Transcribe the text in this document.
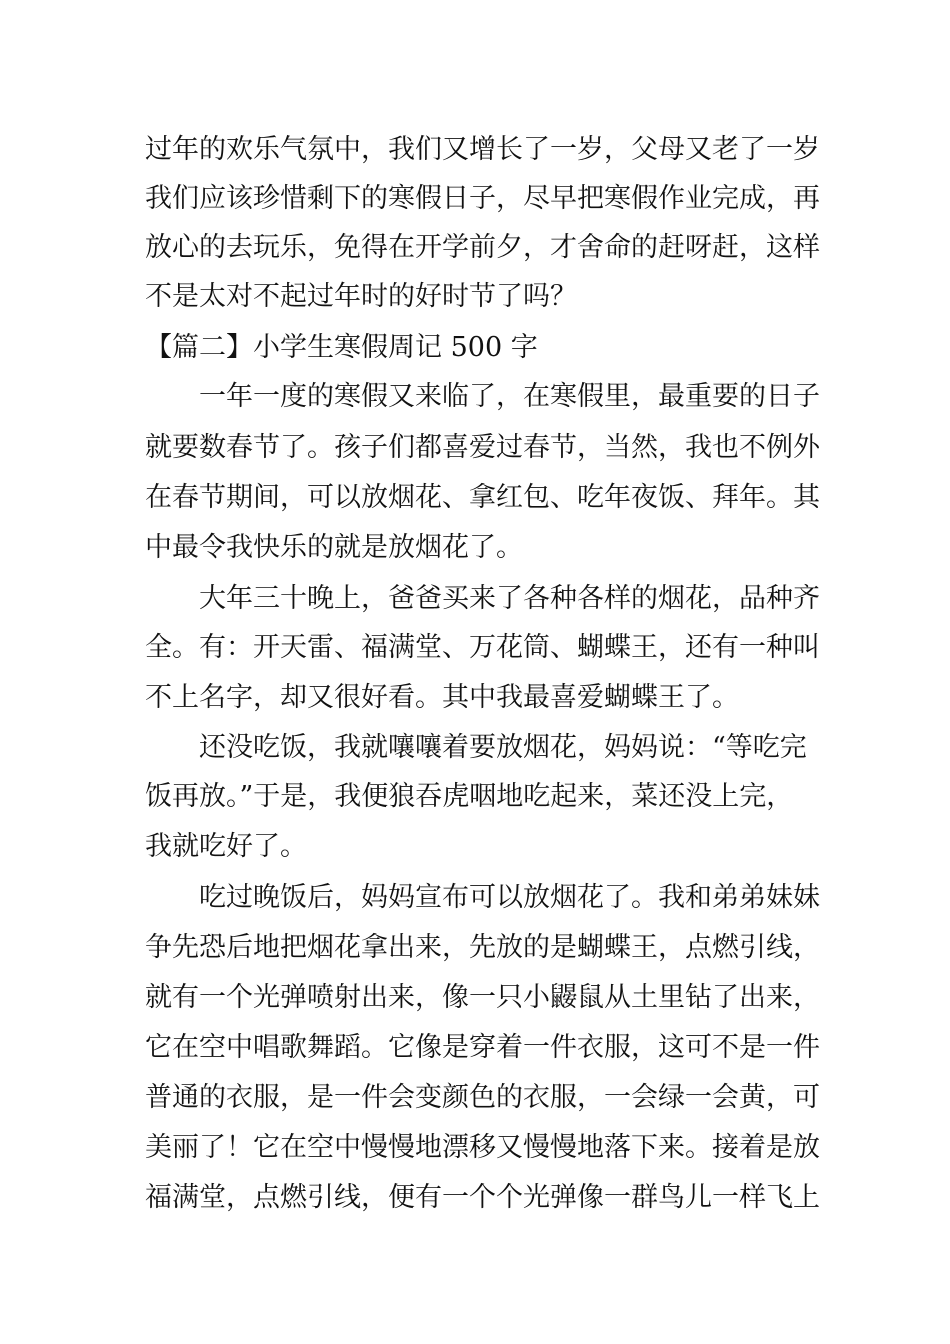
过年的欢乐气氛中，我们又增长了一岁，父母又老了一岁
我们应该珍惜剩下的寒假日子，尽早把寒假作业完成，再
放心的去玩乐，免得在开学前夕，才舍命的赶呀赶，这样
不是太对不起过年时的好时节了吗？
【篇二】小学生寒假周记 500 字
一年一度的寒假又来临了，在寒假里，最重要的日子
就要数春节了。孩子们都喜爱过春节，当然，我也不例外
在春节期间，可以放烟花、拿红包、吃年夜饭、拜年。其
中最令我快乐的就是放烟花了。
大年三十晚上，爸爸买来了各种各样的烟花，品种齐
全。有：开天雷、福满堂、万花筒、蝴蝶王，还有一种叫
不上名字，却又很好看。其中我最喜爱蝴蝶王了。
还没吃饭，我就嚷嚷着要放烟花，妈妈说：“等吃完
饭再放。”于是，我便狼吞虎咽地吃起来，菜还没上完，
我就吃好了。
吃过晚饭后，妈妈宣布可以放烟花了。我和弟弟妹妹
争先恐后地把烟花拿出来，先放的是蝴蝶王，点燃引线，
就有一个光弹喷射出来，像一只小鼹鼠从土里钻了出来，
它在空中唱歌舞蹈。它像是穿着一件衣服，这可不是一件
普通的衣服，是一件会变颜色的衣服，一会绿一会黄，可
美丽了！它在空中慢慢地漂移又慢慢地落下来。接着是放
福满堂，点燃引线，便有一个个光弹像一群鸟儿一样飞上
